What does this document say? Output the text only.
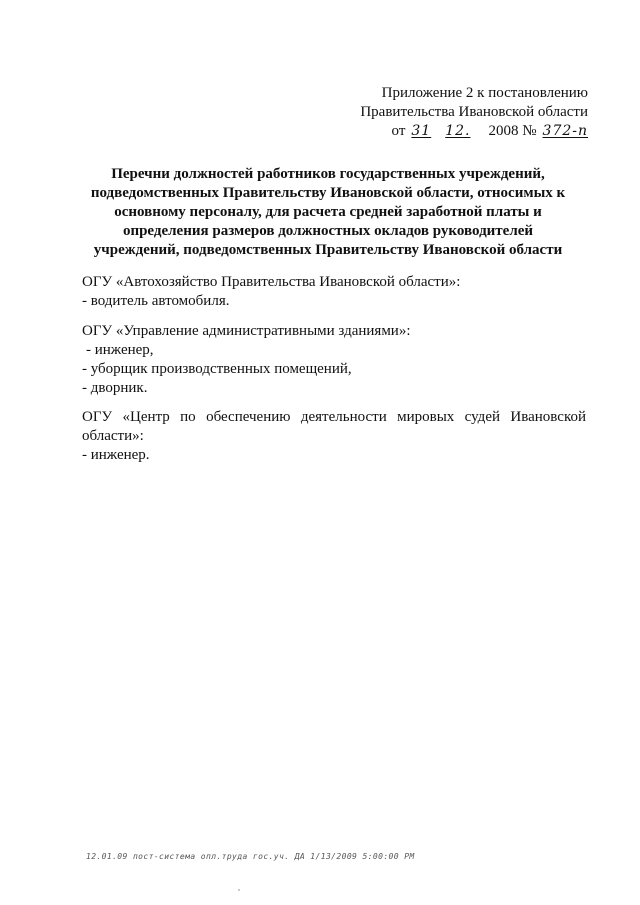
Приложение 2 к постановлению
Правительства Ивановской области
от 31 12. 2008 № 372-п
Перечни должностей работников государственных учреждений,
подведомственных Правительству Ивановской области, относимых к
основному персоналу, для расчета средней заработной платы и
определения размеров должностных окладов руководителей
учреждений, подведомственных Правительству Ивановской области
ОГУ «Автохозяйство Правительства Ивановской области»:
- водитель автомобиля.
ОГУ «Управление административными зданиями»:
- инженер,
- уборщик производственных помещений,
- дворник.
ОГУ «Центр по обеспечению деятельности мировых судей Ивановской
области»:
- инженер.
12.01.09 пост-система опл.труда гос.уч. ДА 1/13/2009 5:00:00 PM
